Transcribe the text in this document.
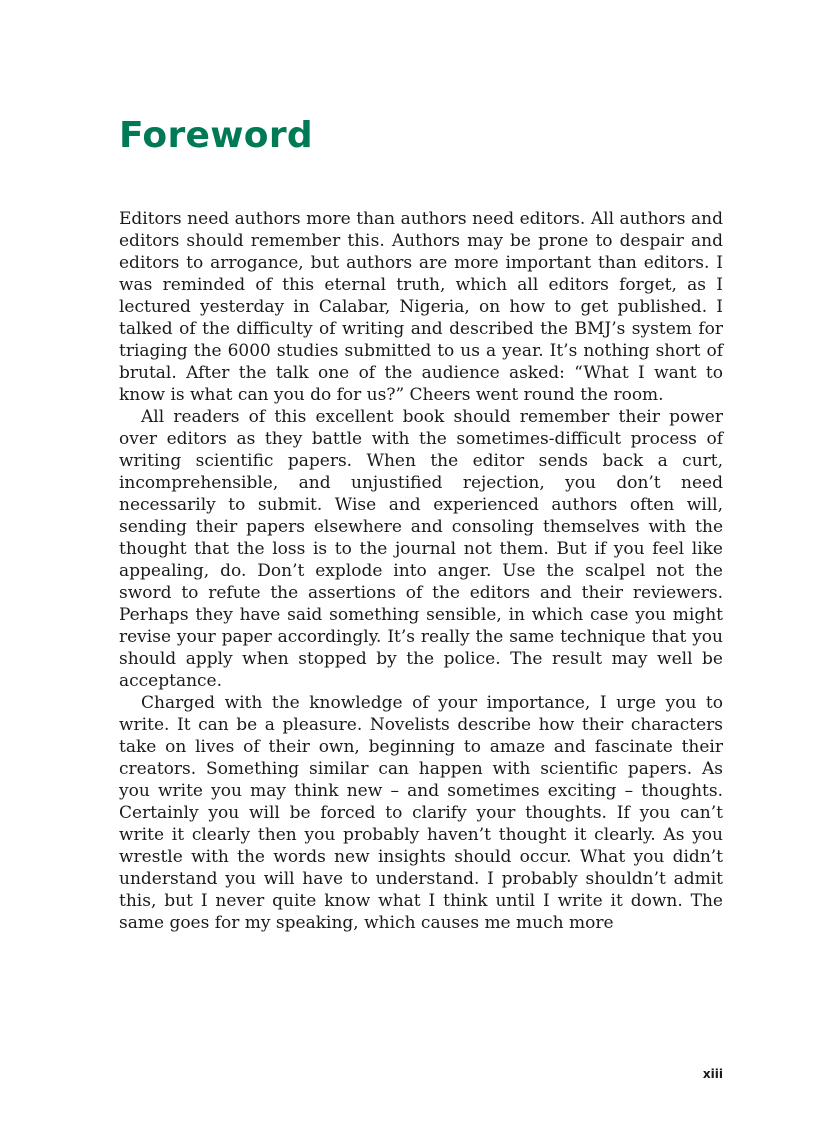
Foreword

Editors need authors more than authors need editors. All authors and editors should remember this. Authors may be prone to despair and editors to arrogance, but authors are more important than editors. I was reminded of this eternal truth, which all editors forget, as I lectured yesterday in Calabar, Nigeria, on how to get published. I talked of the difficulty of writing and described the BMJ’s system for triaging the 6000 studies submitted to us a year. It’s nothing short of brutal. After the talk one of the audience asked: “What I want to know is what can you do for us?” Cheers went round the room.

All readers of this excellent book should remember their power over editors as they battle with the sometimes-difficult process of writing scientific papers. When the editor sends back a curt, incomprehensible, and unjustified rejection, you don’t need necessarily to submit. Wise and experienced authors often will, sending their papers elsewhere and consoling themselves with the thought that the loss is to the journal not them. But if you feel like appealing, do. Don’t explode into anger. Use the scalpel not the sword to refute the assertions of the editors and their reviewers. Perhaps they have said something sensible, in which case you might revise your paper accordingly. It’s really the same technique that you should apply when stopped by the police. The result may well be acceptance.

Charged with the knowledge of your importance, I urge you to write. It can be a pleasure. Novelists describe how their characters take on lives of their own, beginning to amaze and fascinate their creators. Something similar can happen with scientific papers. As you write you may think new – and sometimes exciting – thoughts. Certainly you will be forced to clarify your thoughts. If you can’t write it clearly then you probably haven’t thought it clearly. As you wrestle with the words new insights should occur. What you didn’t understand you will have to understand. I probably shouldn’t admit this, but I never quite know what I think until I write it down. The same goes for my speaking, which causes me much more

xiii
